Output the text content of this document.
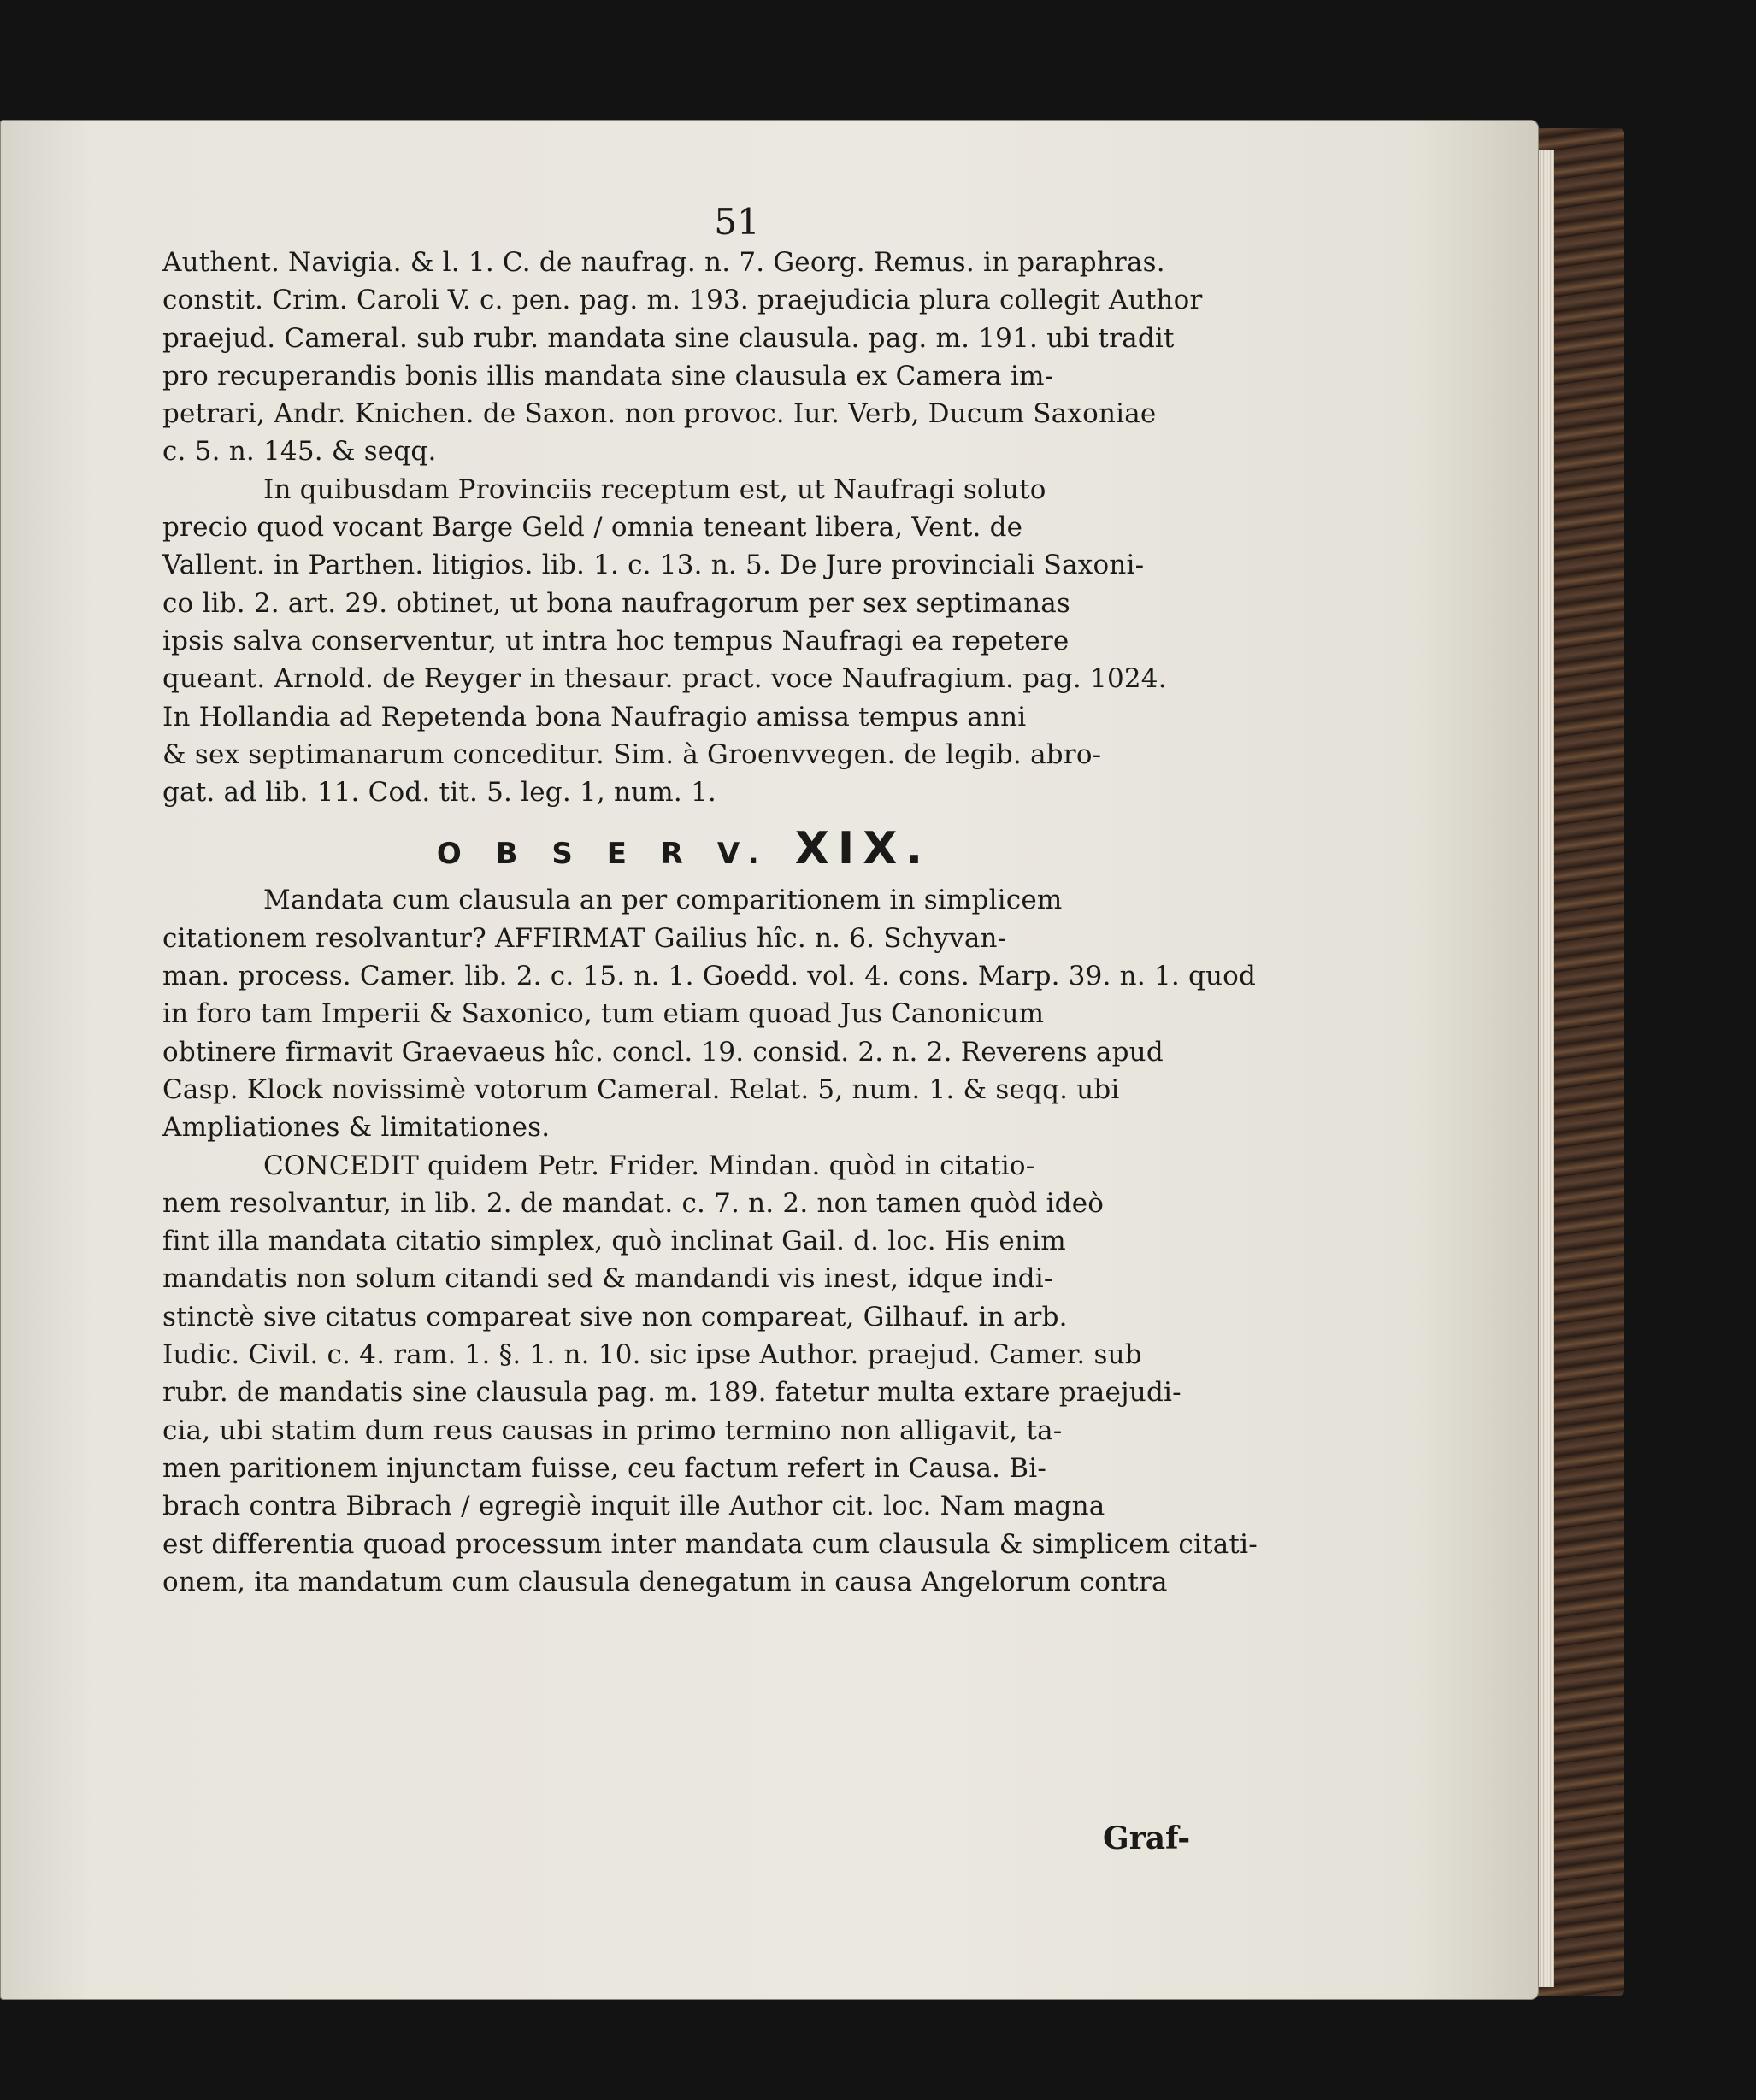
51
Authent. Navigia. & l. 1. C. de naufrag. n. 7. Georg. Remus. in paraphras.
constit. Crim. Caroli V. c. pen. pag. m. 193. praejudicia plura collegit Author
praejud. Cameral. sub rubr. mandata sine clausula. pag. m. 191. ubi tradit
pro recuperandis bonis illis mandata sine clausula ex Camera im-
petrari, Andr. Knichen. de Saxon. non provoc. Iur. Verb, Ducum Saxoniae
c. 5. n. 145. & seqq.
In quibusdam Provinciis receptum est, ut Naufragi soluto
precio quod vocant Barge Geld / omnia teneant libera, Vent. de
Vallent. in Parthen. litigios. lib. 1. c. 13. n. 5. De Jure provinciali Saxoni-
co lib. 2. art. 29. obtinet, ut bona naufragorum per sex septimanas
ipsis salva conserventur, ut intra hoc tempus Naufragi ea repetere
queant. Arnold. de Reyger in thesaur. pract. voce Naufragium. pag. 1024.
In Hollandia ad Repetenda bona Naufragio amissa tempus anni
& sex septimanarum conceditur. Sim. à Groenvvegen. de legib. abro-
gat. ad lib. 11. Cod. tit. 5. leg. 1, num. 1.
O B S E R V. XIX.
Mandata cum clausula an per comparitionem in simplicem
citationem resolvantur? AFFIRMAT Gailius hîc. n. 6. Schyvan-
man. process. Camer. lib. 2. c. 15. n. 1. Goedd. vol. 4. cons. Marp. 39. n. 1. quod
in foro tam Imperii & Saxonico, tum etiam quoad Jus Canonicum
obtinere firmavit Graevaeus hîc. concl. 19. consid. 2. n. 2. Reverens apud
Casp. Klock novissimè votorum Cameral. Relat. 5, num. 1. & seqq. ubi
Ampliationes & limitationes.
CONCEDIT quidem Petr. Frider. Mindan. quòd in citatio-
nem resolvantur, in lib. 2. de mandat. c. 7. n. 2. non tamen quòd ideò
fint illa mandata citatio simplex, quò inclinat Gail. d. loc. His enim
mandatis non solum citandi sed & mandandi vis inest, idque indi-
stinctè sive citatus compareat sive non compareat, Gilhauf. in arb.
Iudic. Civil. c. 4. ram. 1. §. 1. n. 10. sic ipse Author. praejud. Camer. sub
rubr. de mandatis sine clausula pag. m. 189. fatetur multa extare praejudi-
cia, ubi statim dum reus causas in primo termino non alligavit, ta-
men paritionem injunctam fuisse, ceu factum refert in Causa. Bi-
brach contra Bibrach / egregiè inquit ille Author cit. loc. Nam magna
est differentia quoad processum inter mandata cum clausula & simplicem citati-
onem, ita mandatum cum clausula denegatum in causa Angelorum contra
Graf-
